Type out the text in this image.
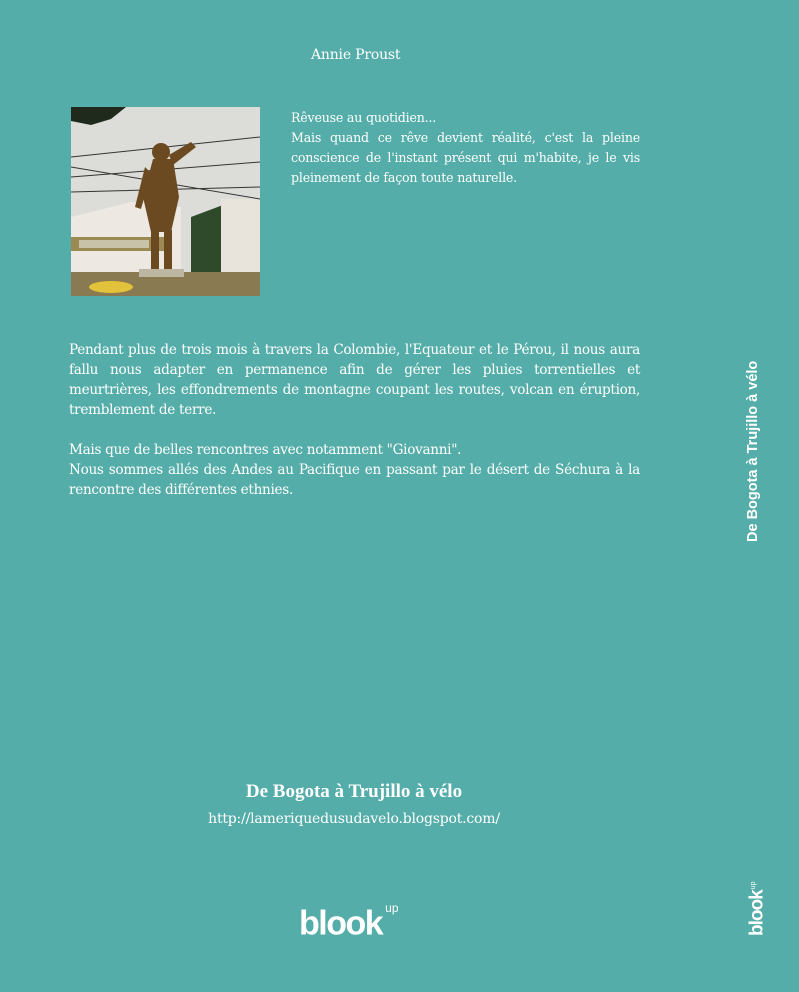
Annie Proust

Rêveuse au quotidien...

Mais quand ce rêve devient réalité, c'est la pleine conscience de l'instant présent qui m'habite, je le vis pleinement de façon toute naturelle.

Pendant plus de trois mois à travers la Colombie, l'Equateur et le Pérou, il nous aura fallu nous adapter en permanence afin de gérer les pluies torrentielles et meurtrières, les effondrements de montagne coupant les routes, volcan en éruption, tremblement de terre.

Mais que de belles rencontres avec notamment "Giovanni".

Nous sommes allés des Andes au Pacifique en passant par le désert de Séchura à la rencontre des différentes ethnies.

De Bogota à Trujillo à vélo
http://lameriquedusudavelo.blogspot.com/
blook $^{up}$
De Bogota à Trujillo à vélo
blook$^{up}$
